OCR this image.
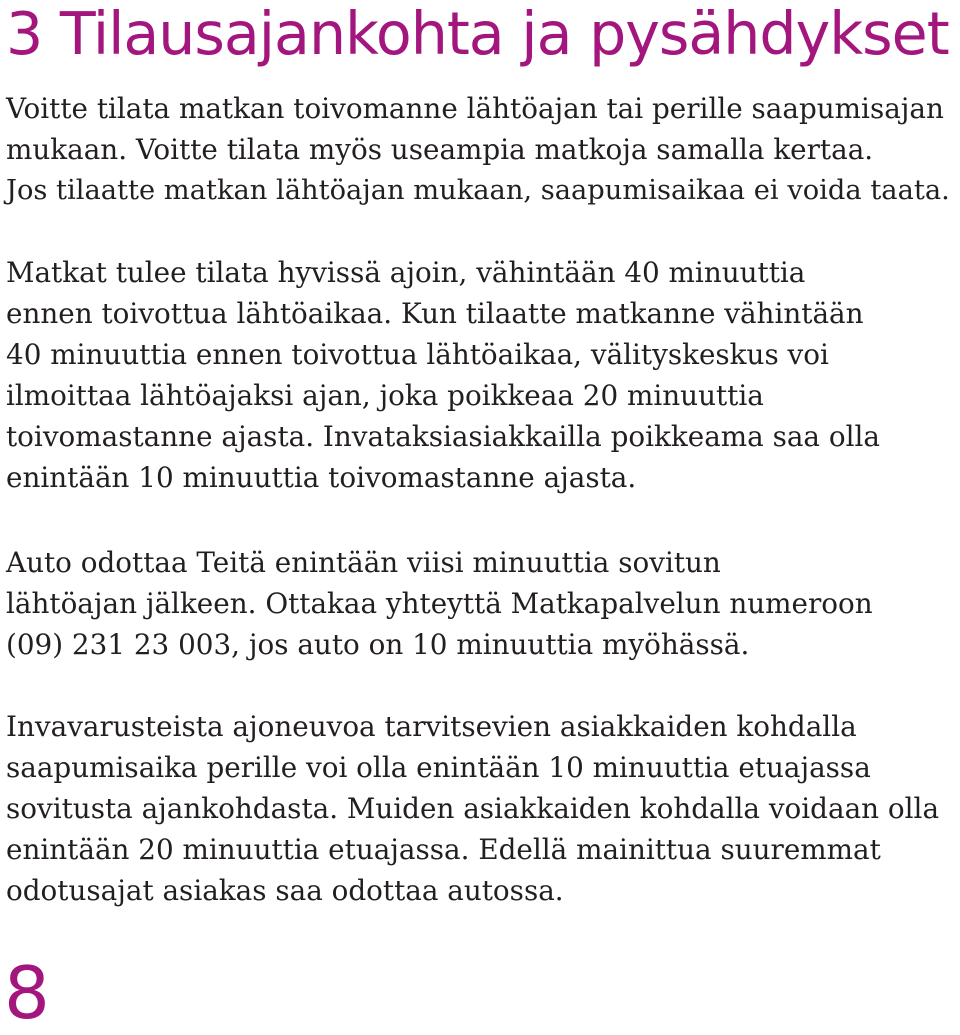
3 Tilausajankohta ja pysähdykset

Voitte tilata matkan toivomanne lähtöajan tai perille saapumisajan
mukaan. Voitte tilata myös useampia matkoja samalla kertaa.
Jos tilaatte matkan lähtöajan mukaan, saapumisaikaa ei voida taata.

Matkat tulee tilata hyvissä ajoin, vähintään 40 minuuttia
ennen toivottua lähtöaikaa. Kun tilaatte matkanne vähintään
40 minuuttia ennen toivottua lähtöaikaa, välityskeskus voi
ilmoittaa lähtöajaksi ajan, joka poikkeaa 20 minuuttia
toivomastanne ajasta. Invataksiasiakkailla poikkeama saa olla
enintään 10 minuuttia toivomastanne ajasta.

Auto odottaa Teitä enintään viisi minuuttia sovitun
lähtöajan jälkeen. Ottakaa yhteyttä Matkapalvelun numeroon
(09) 231 23 003, jos auto on 10 minuuttia myöhässä.

Invavarusteista ajoneuvoa tarvitsevien asiakkaiden kohdalla
saapumisaika perille voi olla enintään 10 minuuttia etuajassa
sovitusta ajankohdasta. Muiden asiakkaiden kohdalla voidaan olla
enintään 20 minuuttia etuajassa. Edellä mainittua suuremmat
odotusajat asiakas saa odottaa autossa.

8
